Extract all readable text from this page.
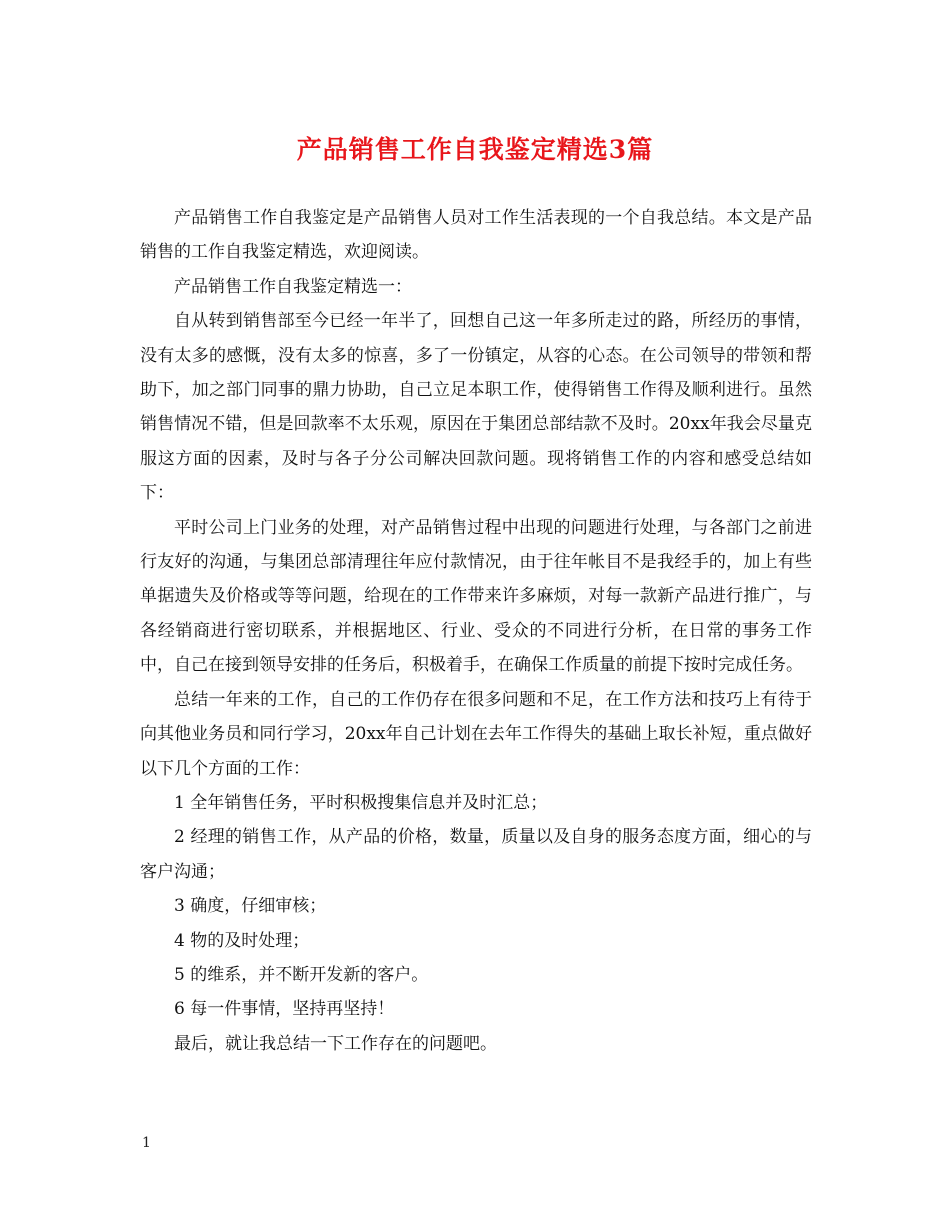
产品销售工作自我鉴定精选3篇

产品销售工作自我鉴定是产品销售人员对工作生活表现的一个自我总结。本文是产品销售的工作自我鉴定精选，欢迎阅读。

产品销售工作自我鉴定精选一：

自从转到销售部至今已经一年半了，回想自己这一年多所走过的路，所经历的事情，没有太多的感慨，没有太多的惊喜，多了一份镇定，从容的心态。在公司领导的带领和帮助下，加之部门同事的鼎力协助，自己立足本职工作，使得销售工作得及顺利进行。虽然销售情况不错，但是回款率不太乐观，原因在于集团总部结款不及时。20xx年我会尽量克服这方面的因素，及时与各子分公司解决回款问题。现将销售工作的内容和感受总结如下：

平时公司上门业务的处理，对产品销售过程中出现的问题进行处理，与各部门之前进行友好的沟通，与集团总部清理往年应付款情况，由于往年帐目不是我经手的，加上有些单据遗失及价格或等等问题，给现在的工作带来许多麻烦，对每一款新产品进行推广，与各经销商进行密切联系，并根据地区、行业、受众的不同进行分析，在日常的事务工作中，自己在接到领导安排的任务后，积极着手，在确保工作质量的前提下按时完成任务。

总结一年来的工作，自己的工作仍存在很多问题和不足，在工作方法和技巧上有待于向其他业务员和同行学习，20xx年自己计划在去年工作得失的基础上取长补短，重点做好以下几个方面的工作：

1 全年销售任务，平时积极搜集信息并及时汇总；

2 经理的销售工作，从产品的价格，数量，质量以及自身的服务态度方面，细心的与客户沟通；

3 确度，仔细审核；

4 物的及时处理；

5 的维系，并不断开发新的客户。

6 每一件事情，坚持再坚持！

最后，就让我总结一下工作存在的问题吧。

1
